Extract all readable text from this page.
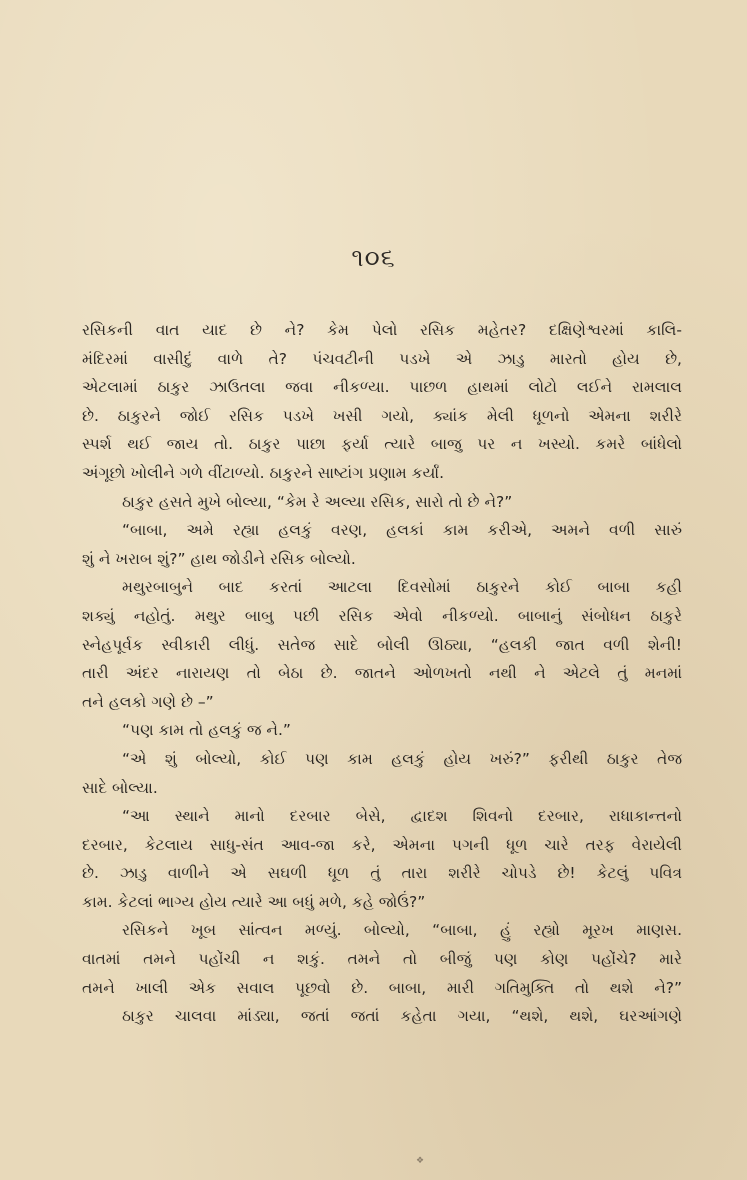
૧૦૬
રસિકની વાત યાદ છે ને? કેમ પેલો રસિક મહેતર? દક્ષિણેશ્વરમાં કાલિ-
મંદિરમાં વાસીદું વાળે તે? પંચવટીની પડખે એ ઝાડુ મારતો હોય છે,
એટલામાં ઠાકુર ઝાઉતલા જવા નીકળ્યા. પાછળ હાથમાં લોટો લઈને રામલાલ
છે. ઠાકુરને જોઈ રસિક પડખે ખસી ગયો, ક્યાંક મેલી ધૂળનો એમના શરીરે
સ્પર્શ થઈ જાય તો. ઠાકુર પાછા ફર્યા ત્યારે બાજુ પર ન ખસ્યો. કમરે બાંધેલો
અંગૂછો ખોલીને ગળે વીંટાળ્યો. ઠાકુરને સાષ્ટાંગ પ્રણામ કર્યાં.
ઠાકુર હસતે મુખે બોલ્યા, “કેમ રે અલ્યા રસિક, સારો તો છે ને?”
“બાબા, અમે રહ્યા હલકું વરણ, હલકાં કામ કરીએ, અમને વળી સારું
શું ને ખરાબ શું?” હાથ જોડીને રસિક બોલ્યો.
મથુરબાબુને બાદ કરતાં આટલા દિવસોમાં ઠાકુરને કોઈ બાબા કહી
શક્યું નહોતું. મથુર બાબુ પછી રસિક એવો નીકળ્યો. બાબાનું સંબોધન ઠાકુરે
સ્નેહપૂર્વક સ્વીકારી લીધું. સતેજ સાદે બોલી ઊઠ્યા, “હલકી જાત વળી શેની!
તારી અંદર નારાયણ તો બેઠા છે. જાતને ઓળખતો નથી ને એટલે તું મનમાં
તને હલકો ગણે છે –”
“પણ કામ તો હલકું જ ને.”
“એ શું બોલ્યો, કોઈ પણ કામ હલકું હોય ખરું?” ફરીથી ઠાકુર તેજ
સાદે બોલ્યા.
“આ સ્થાને માનો દરબાર બેસે, દ્વાદશ શિવનો દરબાર, રાધાકાન્તનો
દરબાર, કેટલાય સાધુ-સંત આવ-જા કરે, એમના પગની ધૂળ ચારે તરફ વેરાયેલી
છે. ઝાડુ વાળીને એ સઘળી ધૂળ તું તારા શરીરે ચોપડે છે! કેટલું પવિત્ર
કામ. કેટલાં ભાગ્ય હોય ત્યારે આ બધું મળે, કહે જોઉં?”
રસિકને ખૂબ સાંત્વન મળ્યું. બોલ્યો, “બાબા, હું રહ્યો મૂરખ માણસ.
વાતમાં તમને પહોંચી ન શકું. તમને તો બીજું પણ કોણ પહોંચે? મારે
તમને ખાલી એક સવાલ પૂછવો છે. બાબા, મારી ગતિમુક્તિ તો થશે ને?”
ઠાકુર ચાલવા માંડ્યા, જતાં જતાં કહેતા ગયા, “થશે, થશે, ઘરઆંગણે
❖
